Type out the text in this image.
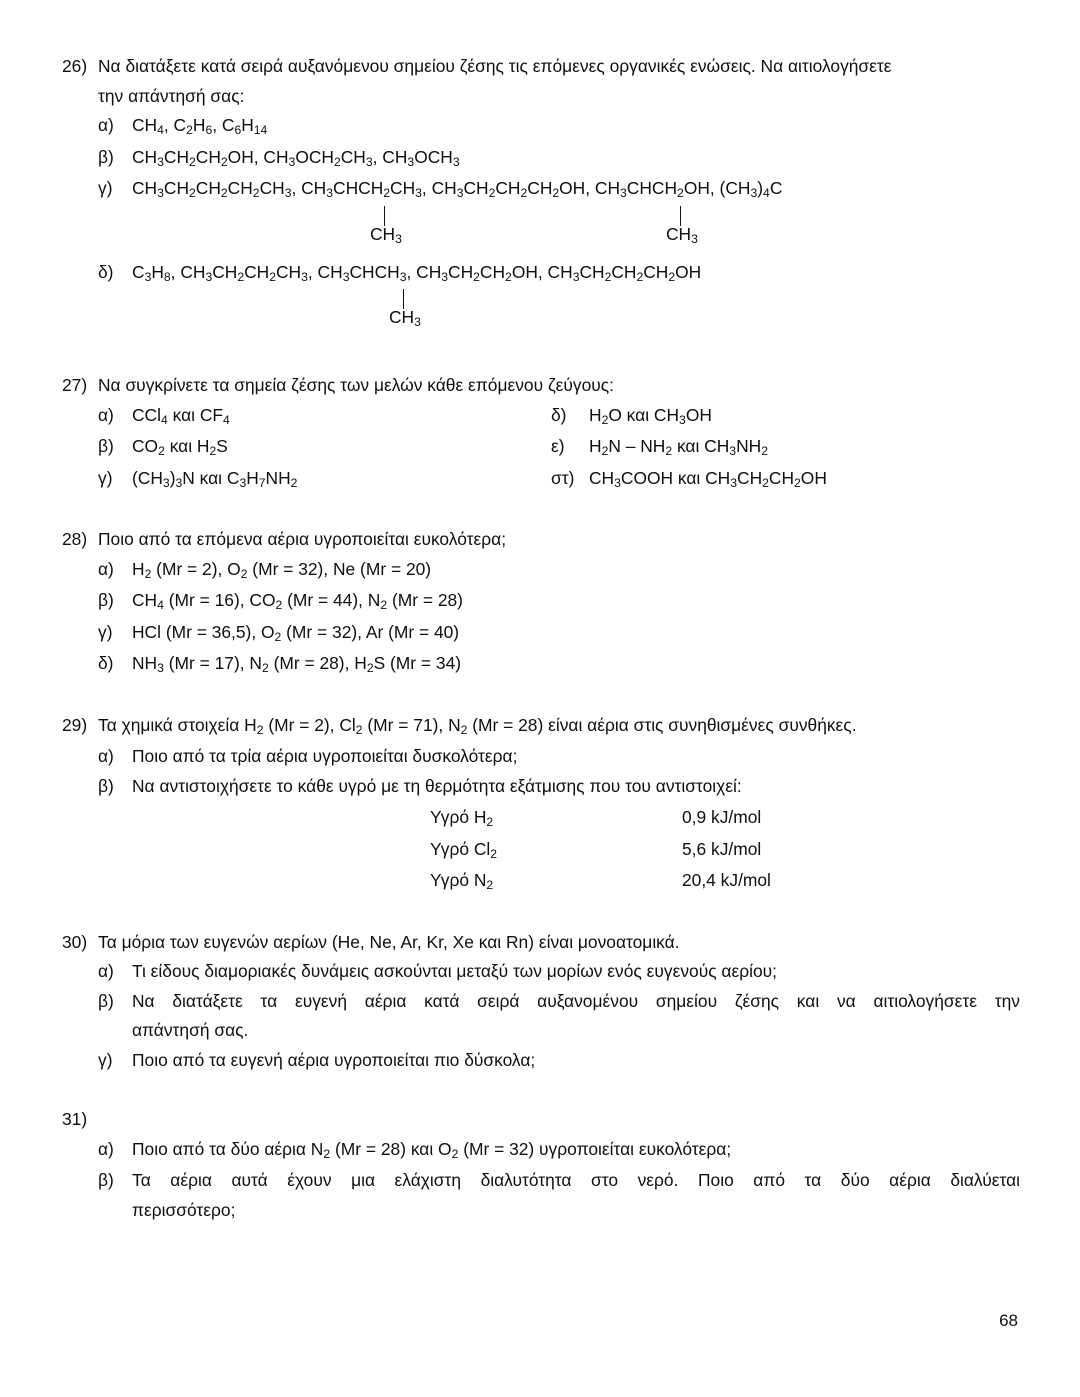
26) Να διατάξετε κατά σειρά αυξανόμενου σημείου ζέσης τις επόμενες οργανικές ενώσεις. Να αιτιολογήσετε
την απάντησή σας:
α)	$CH_4$, $C_2H_6$, $C_6H_{14}$
β)	$CH_3CH_2CH_2OH$, $CH_3OCH_2CH_3$, $CH_3OCH_3$
γ)	$CH_3CH_2CH_2CH_2CH_3$, $CH_3CHCH_2CH_3$, $CH_3CH_2CH_2CH_2OH$, $CH_3CHCH_2OH$, $(CH_3)_4C$
$CH_3$	$CH_3$
δ)	$C_3H_8$, $CH_3CH_2CH_2CH_3$, $CH_3CHCH_3$, $CH_3CH_2CH_2OH$, $CH_3CH_2CH_2CH_2OH$
$CH_3$
27) Να συγκρίνετε τα σημεία ζέσης των μελών κάθε επόμενου ζεύγους:
α)	CCl$_4$ και $CF_4$
β)	$CO_2$ και $H_2S$
γ)	$(CH_3)_3N$ και $C_3H_7NH_2$
δ)	$H_2O$ και $CH_3OH$
ε)	$H_2N - NH_2$ και $CH_3NH_2$
στ) $CH_3COOH$ και $CH_3CH_2CH_2OH$
28) Ποιο από τα επόμενα αέρια υγροποιείται ευκολότερα;
α)	$H_2$ (Mr = 2), $O_2$ (Mr = 32), Ne (Mr = 20)
β)	$CH_4$ (Mr = 16), $CO_2$ (Mr = 44), $N_2$ (Mr = 28)
γ)	HCl (Mr = 36,5), $O_2$ (Mr = 32), Ar (Mr = 40)
δ)	$NH_3$ (Mr = 17), $N_2$ (Mr = 28), $H_2S$ (Mr = 34)
29) Τα χημικά στοιχεία $H_2$ (Mr = 2), $Cl_2$ (Mr = 71), $N_2$ (Mr = 28) είναι αέρια στις συνηθισμένες συνθήκες.
α)	Ποιο από τα τρία αέρια υγροποιείται δυσκολότερα;
β)	Να αντιστοιχήσετε το κάθε υγρό με τη θερμότητα εξάτμισης που του αντιστοιχεί:
Υγρό $H_2$	0,9 kJ/mol
Υγρό $Cl_2$	5,6 kJ/mol
Υγρό $N_2$	20,4 kJ/mol
30) Τα μόρια των ευγενών αερίων (He, Ne, Ar, Kr, Xe και Rn) είναι μονοατομικά.
α)	Τι είδους διαμοριακές δυνάμεις ασκούνται μεταξύ των μορίων ενός ευγενούς αερίου;
β)	Να διατάξετε τα ευγενή αέρια κατά σειρά αυξανομένου σημείου ζέσης και να αιτιολογήσετε την
απάντησή σας.
γ)	Ποιο από τα ευγενή αέρια υγροποιείται πιο δύσκολα;
31)
α)	Ποιο από τα δύο αέρια $N_2$ (Mr = 28) και $O_2$ (Mr = 32) υγροποιείται ευκολότερα;
β)	Τα αέρια αυτά έχουν μια ελάχιστη διαλυτότητα στο νερό. Ποιο από τα δύο αέρια διαλύεται
περισσότερο;
68
